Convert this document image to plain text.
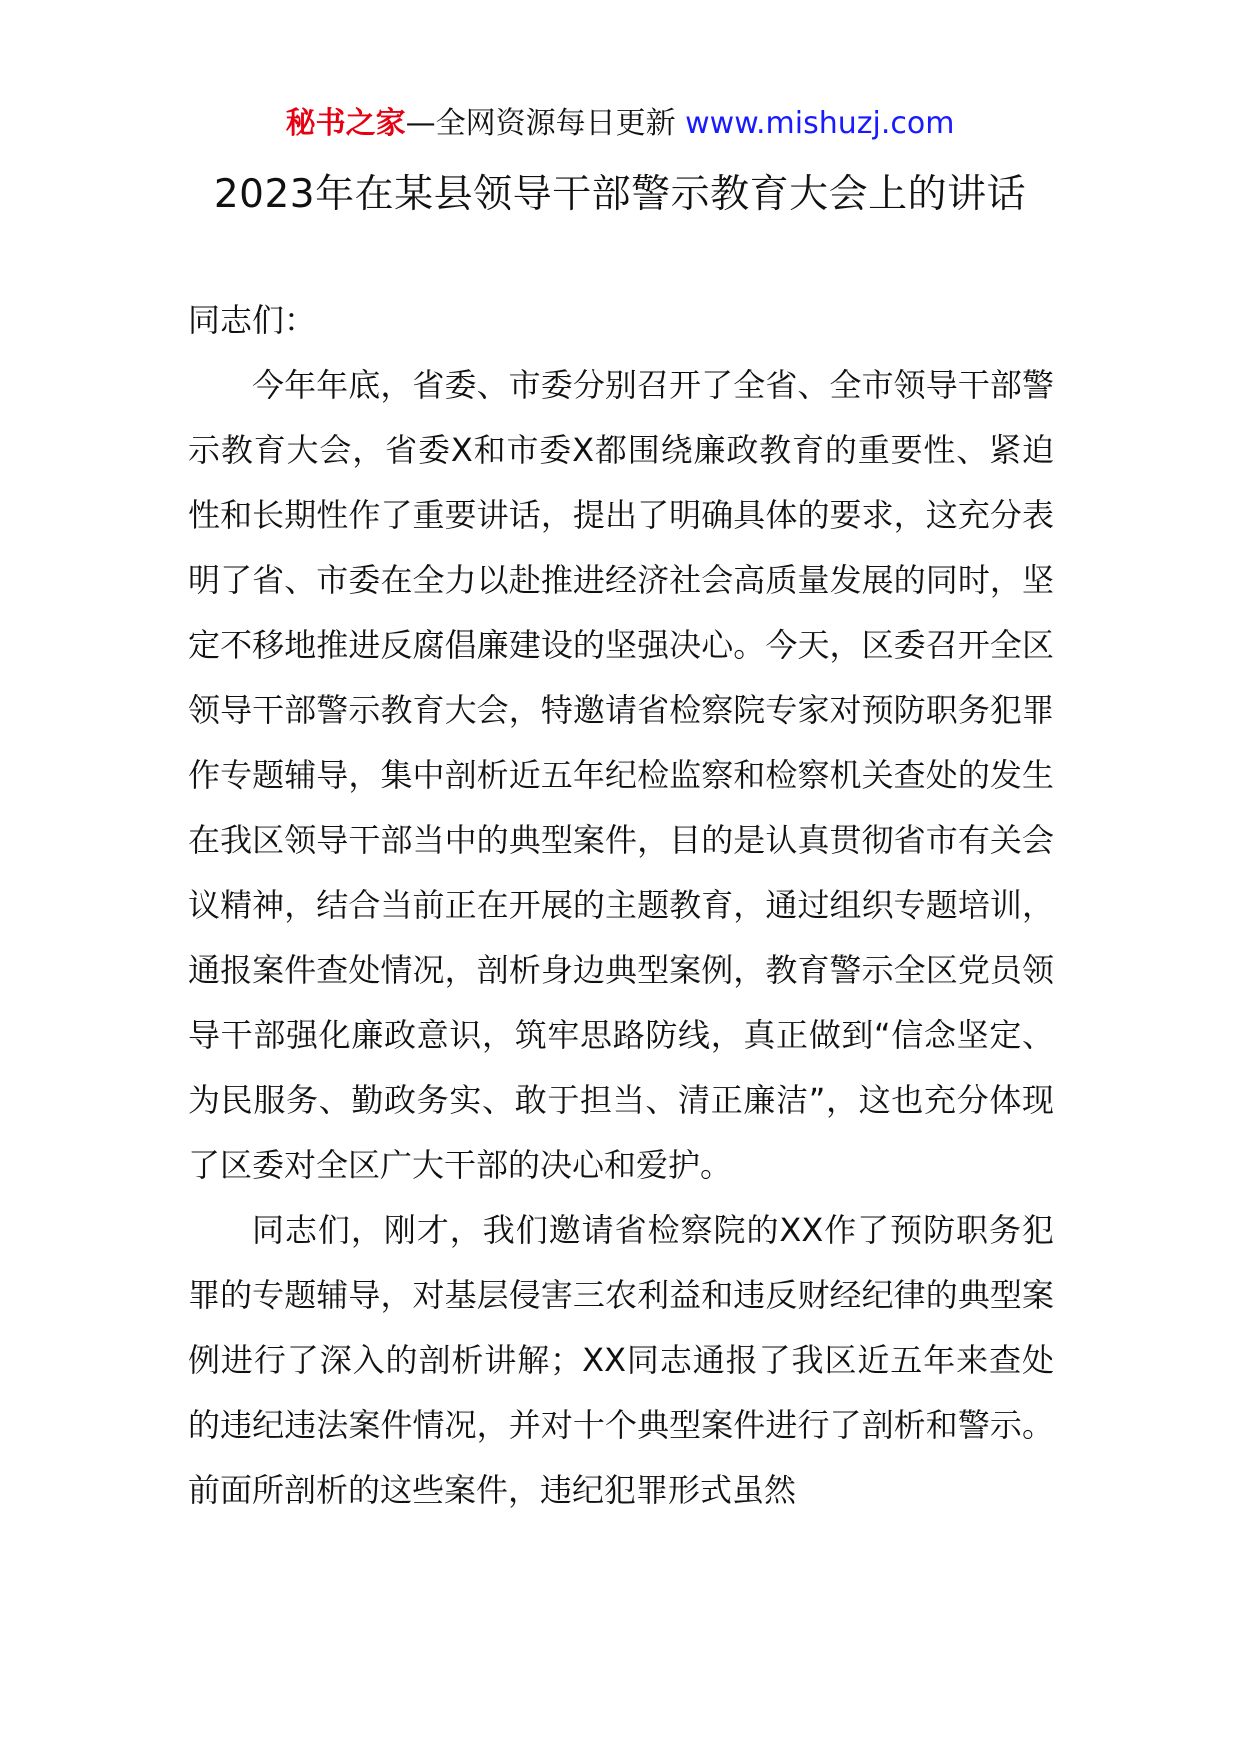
秘书之家—全网资源每日更新 www.mishuzj.com
2023年在某县领导干部警示教育大会上的讲话

同志们：

今年年底，省委、市委分别召开了全省、全市领导干部警示教育大会，省委X和市委X都围绕廉政教育的重要性、紧迫性和长期性作了重要讲话，提出了明确具体的要求，这充分表明了省、市委在全力以赴推进经济社会高质量发展的同时，坚定不移地推进反腐倡廉建设的坚强决心。今天，区委召开全区领导干部警示教育大会，特邀请省检察院专家对预防职务犯罪作专题辅导，集中剖析近五年纪检监察和检察机关查处的发生在我区领导干部当中的典型案件，目的是认真贯彻省市有关会议精神，结合当前正在开展的主题教育，通过组织专题培训，通报案件查处情况，剖析身边典型案例，教育警示全区党员领导干部强化廉政意识，筑牢思路防线，真正做到“信念坚定、为民服务、勤政务实、敢于担当、清正廉洁”，这也充分体现了区委对全区广大干部的决心和爱护。

同志们，刚才，我们邀请省检察院的XX作了预防职务犯罪的专题辅导，对基层侵害三农利益和违反财经纪律的典型案例进行了深入的剖析讲解；XX同志通报了我区近五年来查处的违纪违法案件情况，并对十个典型案件进行了剖析和警示。前面所剖析的这些案件，违纪犯罪形式虽然
